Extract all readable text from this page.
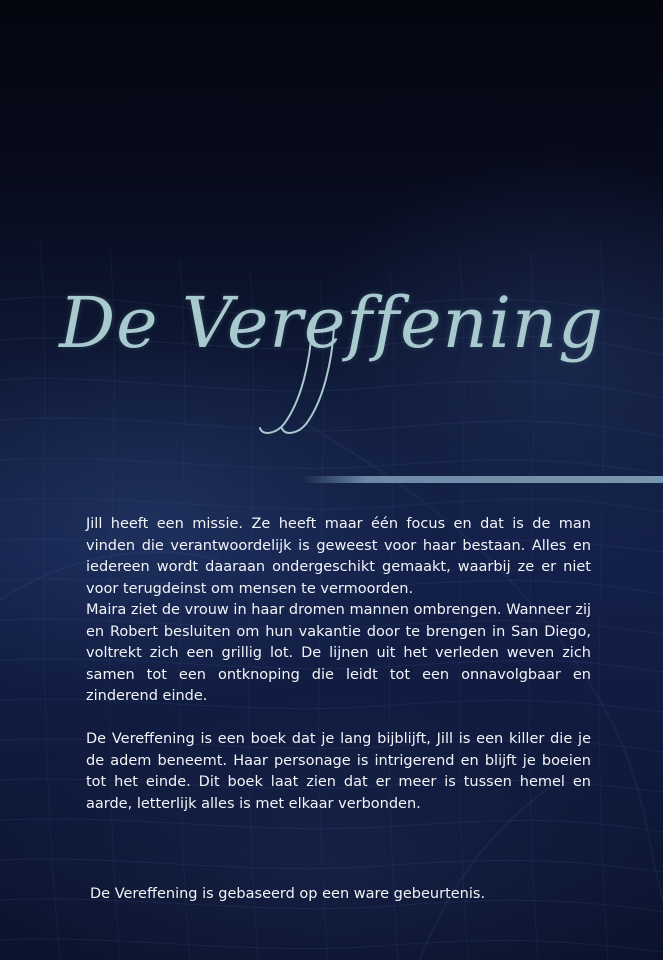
De Vereffening

Jill heeft een missie. Ze heeft maar één focus en dat is de man vinden die verantwoordelijk is geweest voor haar bestaan. Alles en iedereen wordt daaraan ondergeschikt gemaakt, waarbij ze er niet voor terugdeinst om mensen te vermoorden.

Maira ziet de vrouw in haar dromen mannen ombrengen. Wanneer zij en Robert besluiten om hun vakantie door te brengen in San Diego, voltrekt zich een grillig lot. De lijnen uit het verleden weven zich samen tot een ontknoping die leidt tot een onnavolgbaar en zinderend einde.

De Vereffening is een boek dat je lang bijblijft, Jill is een killer die je de adem beneemt. Haar personage is intrigerend en blijft je boeien tot het einde. Dit boek laat zien dat er meer is tussen hemel en aarde, letterlijk alles is met elkaar verbonden.

De Vereffening is gebaseerd op een ware gebeurtenis.
